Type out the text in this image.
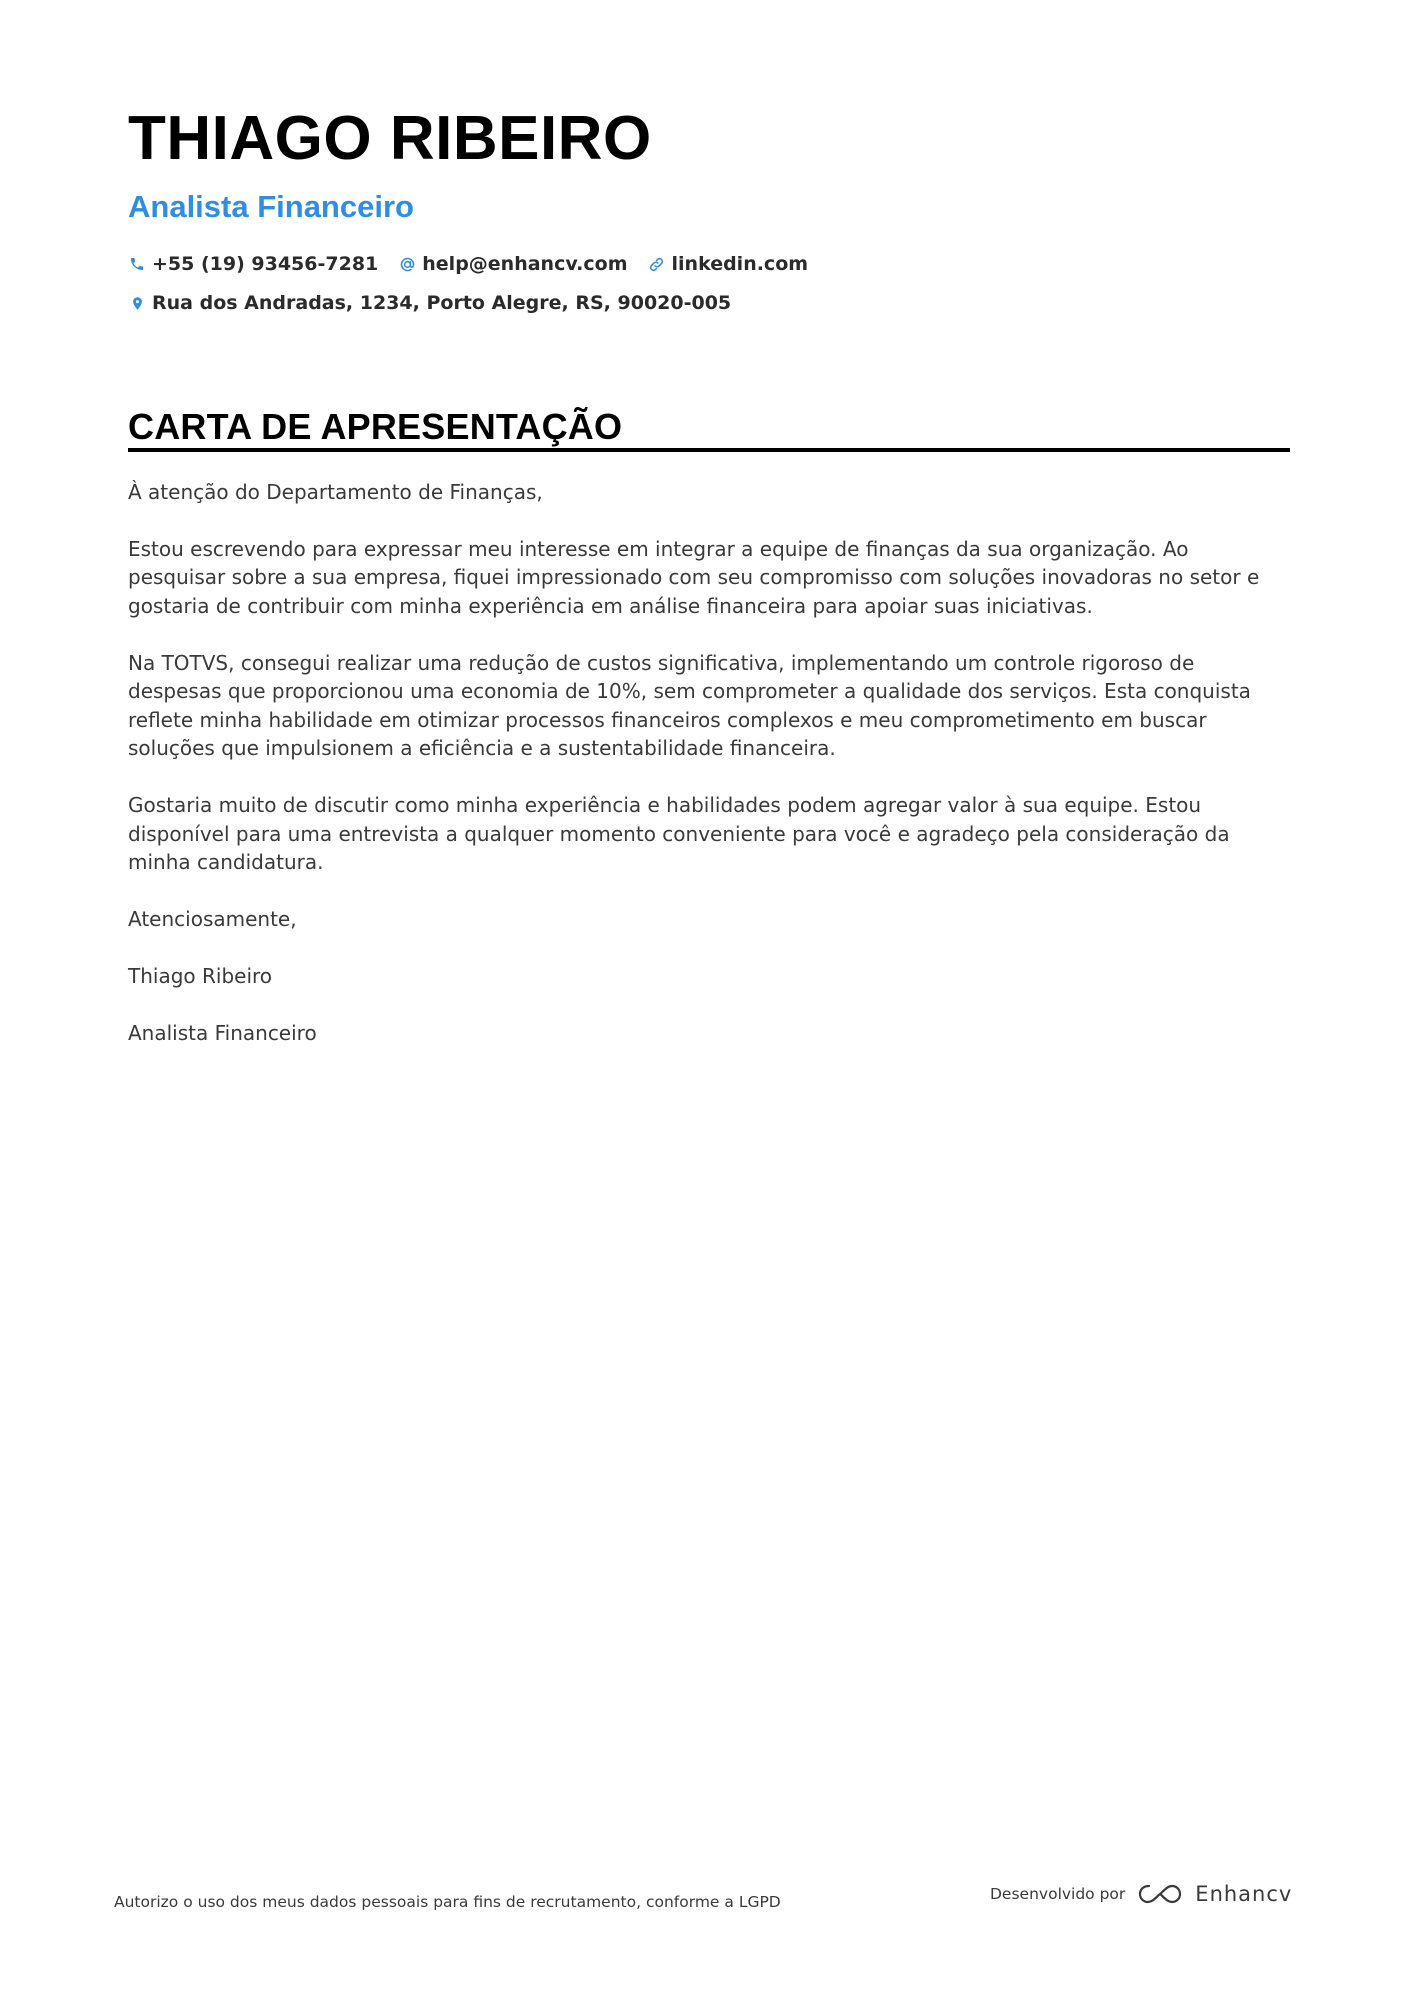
THIAGO RIBEIRO
Analista Financeiro
+55 (19) 93456-7281 help@enhancv.com linkedin.com
Rua dos Andradas, 1234, Porto Alegre, RS, 90020-005
CARTA DE APRESENTAÇÃO

À atenção do Departamento de Finanças,

Estou escrevendo para expressar meu interesse em integrar a equipe de finanças da sua organização. Ao pesquisar sobre a sua empresa, fiquei impressionado com seu compromisso com soluções inovadoras no setor e gostaria de contribuir com minha experiência em análise financeira para apoiar suas iniciativas.

Na TOTVS, consegui realizar uma redução de custos significativa, implementando um controle rigoroso de despesas que proporcionou uma economia de 10%, sem comprometer a qualidade dos serviços. Esta conquista reflete minha habilidade em otimizar processos financeiros complexos e meu comprometimento em buscar soluções que impulsionem a eficiência e a sustentabilidade financeira.

Gostaria muito de discutir como minha experiência e habilidades podem agregar valor à sua equipe. Estou disponível para uma entrevista a qualquer momento conveniente para você e agradeço pela consideração da minha candidatura.

Atenciosamente,

Thiago Ribeiro

Analista Financeiro

Autorizo o uso dos meus dados pessoais para fins de recrutamento, conforme a LGPD	Desenvolvido por	Enhancv
